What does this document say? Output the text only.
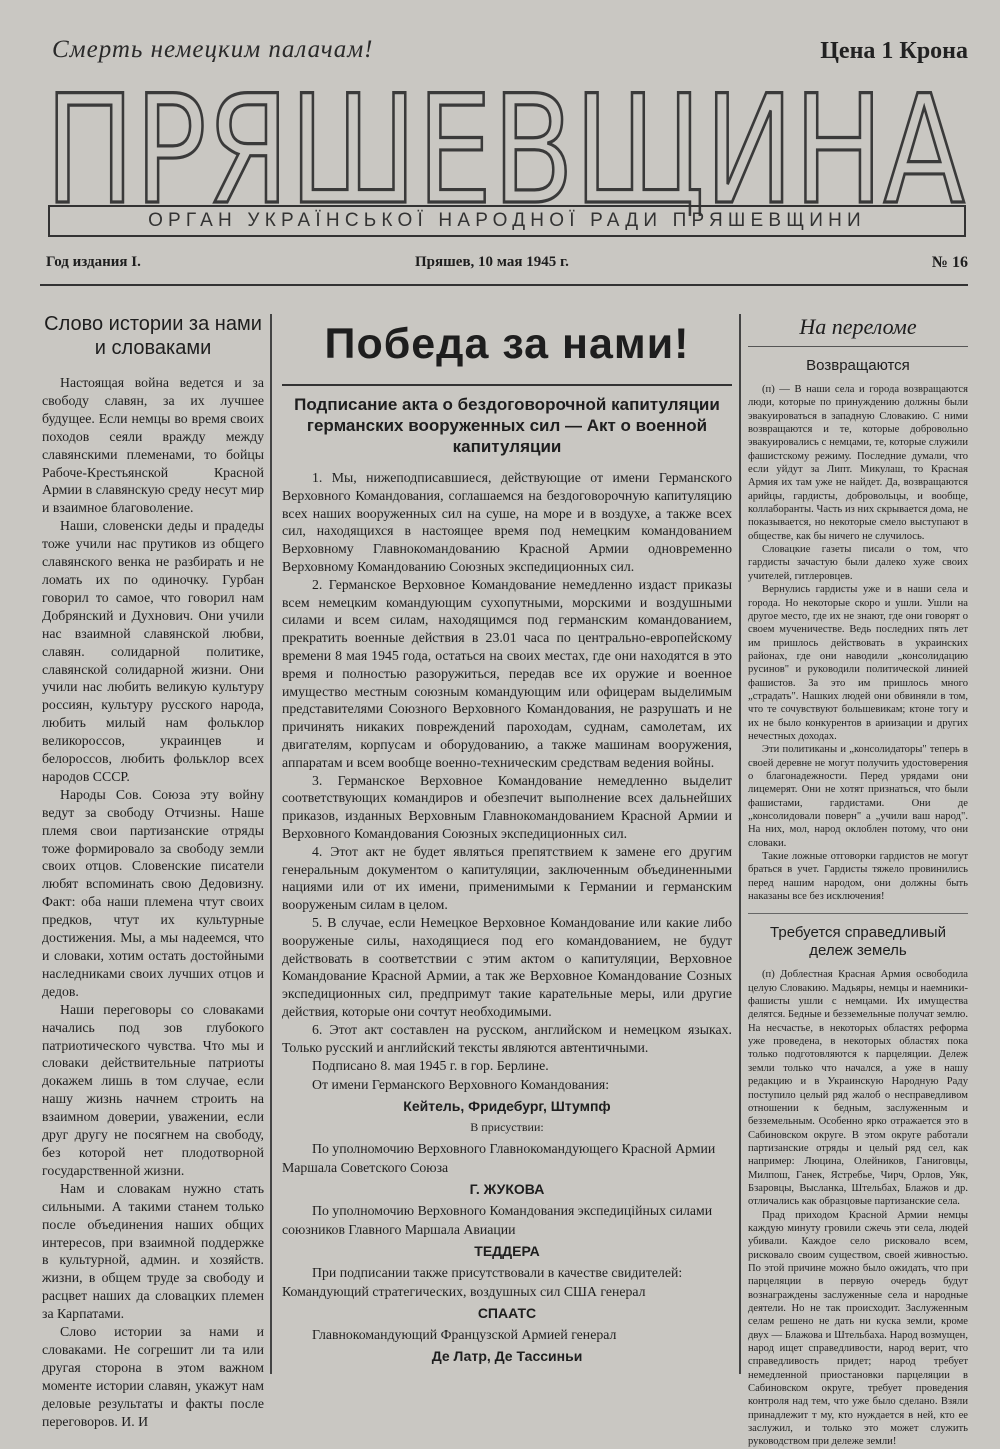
Смерть немецким палачам!	Цена 1 Крона
ПРЯШЕВЩИНА
ОРГАН УКРАЇНСЬКОЇ НАРОДНОЇ РАДИ ПРЯШЕВЩИНИ
Год издания I.	Пряшев, 10 мая 1945 г.	№ 16
Слово истории за нами и словаками

Настоящая война ведется и за свободу славян, за их лучшее будущее. Если немцы во время своих походов сеяли вражду между славянскими племенами, то бойцы Рабоче-Крестьянской Красной Армии в славянскую среду несут мир и взаимное благоволение.

Наши, словенски деды и прадеды тоже учили нас прутиков из общего славянского венка не разбирать и не ломать их по одиночку. Гурбан говорил то самое, что говорил нам Добрянский и Духнович. Они учили нас взаимной славянской любви, славян. солидарной политике, славянской солидарной жизни. Они учили нас любить великую культуру россиян, культуру русского народа, любить милый нам фольклор великороссов, украинцев и белороссов, любить фольклор всех народов СССР.

Народы Сов. Союза эту войну ведут за свободу Отчизны. Наше племя свои партизанские отряды тоже формировало за свободу земли своих отцов. Словенские писатели любят вспоминать свою Дедовизну. Факт: оба наши племена чтут своих предков, чтут их культурные достижения. Мы, а мы надеемся, что и словаки, хотим остать достойными наследниками своих лучших отцов и дедов.

Наши переговоры со словаками начались под зов глубокого патриотического чувства. Что мы и словаки действительные патриоты докажем лишь в том случае, если нашу жизнь начнем строить на взаимном доверии, уважении, если друг другу не посягнем на свободу, без которой нет плодотворной государственной жизни.

Нам и словакам нужно стать сильными. А такими станем только после объединения наших общих интересов, при взаимной поддержке в культурной, админ. и хозяйств. жизни, в общем труде за свободу и расцвет наших да словацких племен за Карпатами.

Слово истории за нами и словаками. Не согрешит ли та или другая сторона в этом важном моменте истории славян, укажут нам деловые результаты и факты после переговоров. И. И

Победа за нами!
Подписание акта о бездоговорочной капитуляции германских вооруженных сил — Акт о военной капитуляции

1. Мы, нижеподписавшиеся, действующие от имени Германского Верховного Командования, соглашаемся на бездоговорочную капитуляцию всех наших вооруженных сил на суше, на море и в воздухе, а также всех сил, находящихся в настоящее время под немецким командованием Верховному Главнокомандованию Красной Армии одновременно Верховному Командованию Союзных экспедиционных сил.

2. Германское Верховное Командование немедленно издаст приказы всем немецким командующим сухопутными, морскими и воздушными силами и всем силам, находящимся под германским командованием, прекратить военные действия в 23.01 часа по центрально-европейскому времени 8 мая 1945 года, остаться на своих местах, где они находятся в это время и полностью разоружиться, передав все их оружие и военное имущество местным союзным командующим или офицерам выделимым представителями Союзного Верховного Командования, не разрушать и не причинять никаких повреждений пароходам, суднам, самолетам, их двигателям, корпусам и оборудованию, а также машинам вооружения, аппаратам и всем вообще военно-техническим средствам ведения войны.

3. Германское Верховное Командование немедленно выделит соответствующих командиров и обезпечит выполнение всех дальнейших приказов, изданных Верховным Главнокомандованием Красной Армии и Верховного Командования Союзных экспедиционных сил.

4. Этот акт не будет являться препятствием к замене его другим генеральным документом о капитуляции, заключенным объединенными нациями или от их имени, применимыми к Германии и германским вооруженым силам в целом.

5. В случае, если Немецкое Верховное Командование или какие либо вооруженые силы, находящиеся под его командованием, не будут действовать в соответствии с этим актом о капитуляции, Верховное Командование Красной Армии, а так же Верховное Командование Созных экспедиционных сил, предпримут такие карательные меры, или другие действия, которые они сочтут необходимыми.

6. Этот акт составлен на русском, английском и немецком языках. Только русский и английский тексты являются автентичными.

Подписано 8. мая 1945 г. в гор. Берлине.

От имени Германского Верховного Командования:

Кейтель, Фридебург, Штумпф

В присуствии:

По уполномочию Верховного Главнокомандующего Красной Армии Маршала Советского Союза

Г. ЖУКОВА

По уполномочию Верховного Командования экспедиційных силами союзников Главного Маршала Авиации

ТЕДДЕРА

При подписании также присутствовали в качестве свидителей: Командующий стратегических, воздушных сил США генерал

СПААТС

Главнокомандующий Французской Армией генерал

Де Латр, Де Тассиньи

На переломе
Возвращаются

(п) — В наши села и города возвращаются люди, которые по принуждению должны были эвакуироваться в западную Словакию. С ними возвращаются и те, которые добровольно эвакуировались с немцами, те, которые служили фашистскому режиму. Последние думали, что если уйдут за Липт. Микулаш, то Красная Армия их там уже не найдет. Да, возвращаются арийцы, гардисты, добровольцы, и вообще, коллаборанты. Часть из них скрывается дома, не показывается, но некоторые смело выступают в обществе, как бы ничего не случилось.

Словацкие газеты писали о том, что гардисты зачастую были далеко хуже своих учителей, гитлеровцев.

Вернулись гардисты уже и в наши села и города. Но некоторые скоро и ушли. Ушли на другое место, где их не знают, где они говорят о своем мученичестве. Ведь последних пять лет им пришлось действовать в украинских районах, где они наводили „консолидацию русинов" и руководили политической линией фашистов. За это им пришлось много „страдать". Нашких людей они обвиняли в том, что те сочувствуют большевикам; ктоне тогу и их не было конкурентов в ариизации и других нечестных доходах.

Эти политиканы и „консолидаторы" теперь в своей деревне не могут получить удостоверения о благонадежности. Перед урядами они лицемерят. Они не хотят признаться, что были фашистами, гардистами. Они де „консолидовали поверн" а „учили ваш народ". На них, мол, народ оклоблен потому, что они словаки.

Такие ложные отговорки гардистов не могут браться в учет. Гардисты тяжело провинились перед нашим народом, они должны быть наказаны все без исключения!

Требуется справедливый дележ земель

(п) Доблестная Красная Армия освободила целую Словакию. Мадьяры, немцы и наемники-фашисты ушли с немцами. Их имущества делятся. Бедные и безземельные получат землю. На несчастье, в некоторых областях реформа уже проведена, в некоторых областях пока только подготовляются к парцеляции. Дележ земли только что начался, а уже в нашу редакцию и в Украинскую Народную Раду поступило целый ряд жалоб о несправедливом отношении к бедным, заслуженным и безземельным. Особенно ярко отражается это в Сабиновском округе. В этом округе работали партизанские отряды и целый ряд сел, как например: Люцина, Олейников, Ганиговцы, Милпош, Ганек, Ястребье, Чирч, Орлов, Уяк, Бзаровцы, Высланка, Штельбах, Блажов и др. отличались как образцовые партизанские села.

Прад приходом Красной Армии немцы каждую минуту гровили сжечь эти села, людей убивали. Каждое село рисковало всем, рисковало своим существом, своей живностью. По этой причине можно было ожидать, что при парцеляции в первую очередь будут вознаграждены заслуженные села и народные деятели. Но не так происходит. Заслуженным селам решено не дать ни куска земли, кроме двух — Блажова и Штельбаха. Народ возмущен, народ ищет справедливости, народ верит, что справедливость придет; народ требует немедленной приостановки парцеляции в Сабиновском округе, требует проведения контроля над тем, что уже было сделано. Взяли принадлежит т му, кто нуждается в ней, кто ее заслужил, и только это может служить руководством при дележе земли!
